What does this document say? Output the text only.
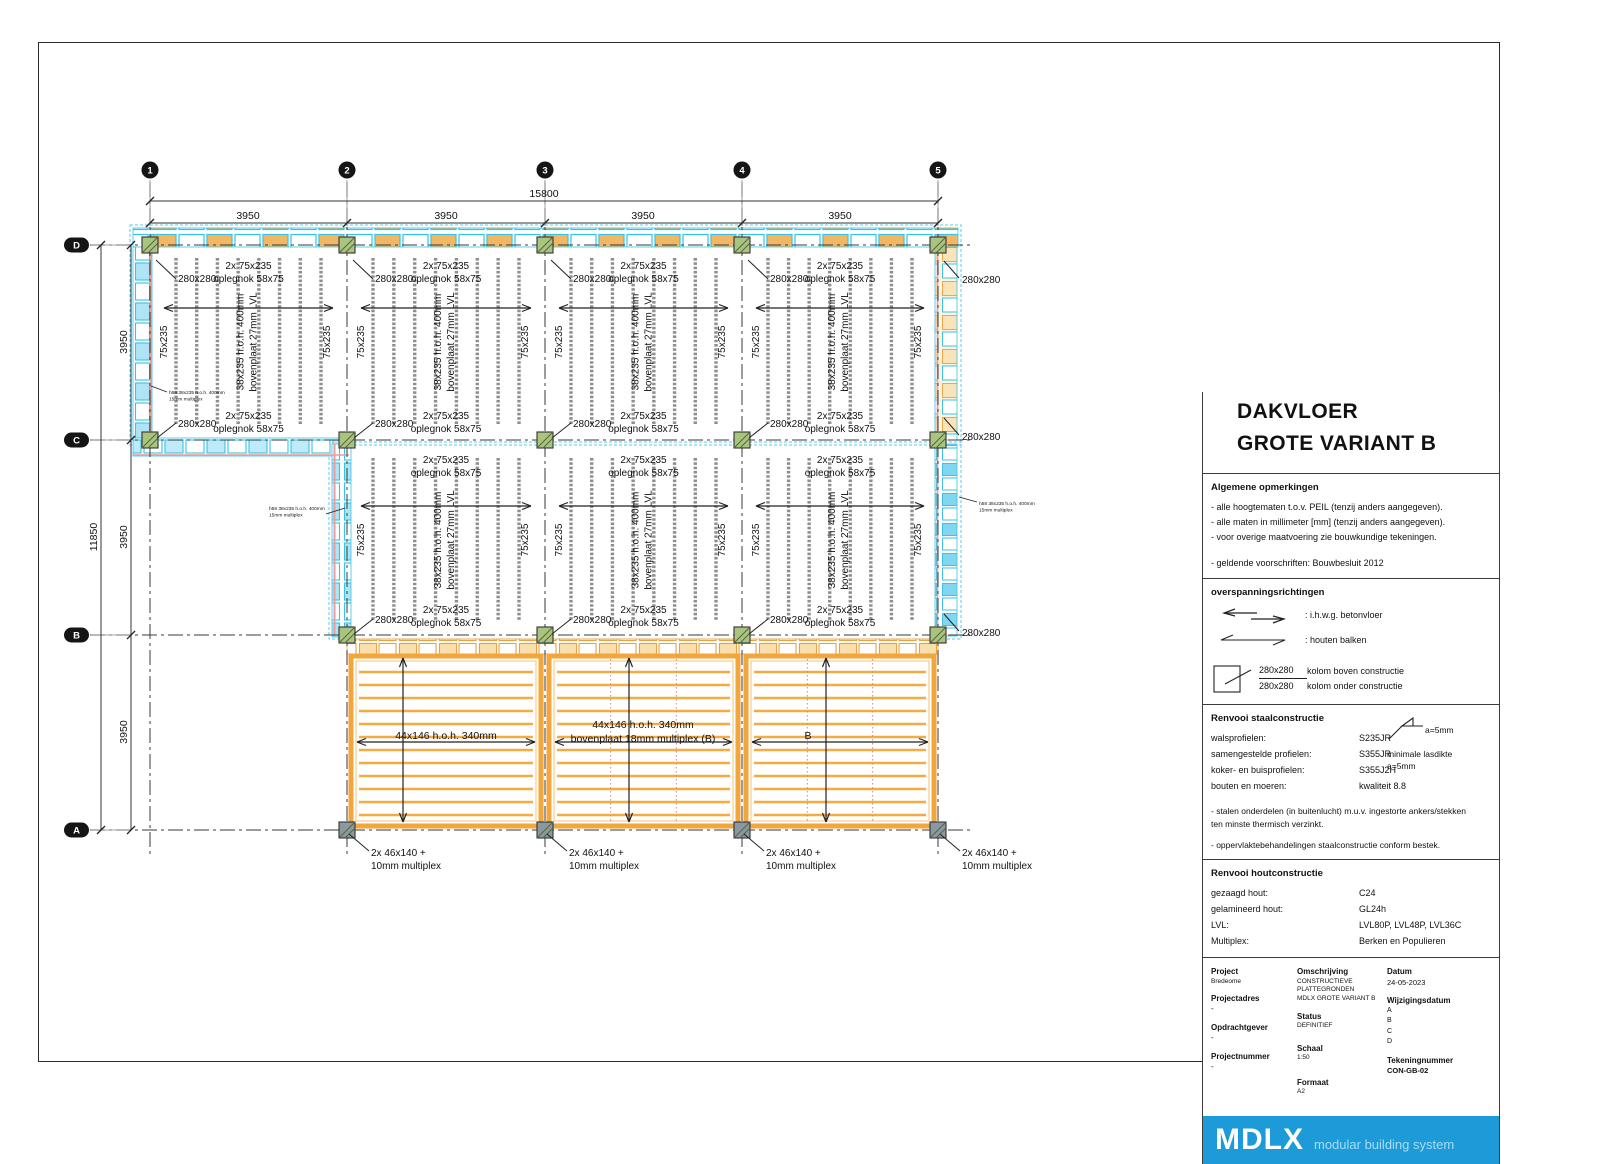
1	2	3	4	5
15800
3950	3950	3950	3950
D
C
B
A
11850
3950
3950
3950
2x 75x235
oplegnok 58x75
2x 75x235
oplegnok 58x75
75x235	75x235
38x235 h.o.h. 400mm bovenplaat 27mm LVL
2x 75x235
oplegnok 58x75
2x 75x235
oplegnok 58x75
75x235	75x235
38x235 h.o.h. 400mm bovenplaat 27mm LVL
2x 75x235
oplegnok 58x75
2x 75x235
oplegnok 58x75
75x235	75x235
38x235 h.o.h. 400mm bovenplaat 27mm LVL
2x 75x235
oplegnok 58x75
2x 75x235
oplegnok 58x75
75x235	75x235
38x235 h.o.h. 400mm bovenplaat 27mm LVL
2x 75x235
oplegnok 58x75
2x 75x235
oplegnok 58x75
75x235	75x235
38x235 h.o.h. 400mm bovenplaat 27mm LVL
2x 75x235
oplegnok 58x75
2x 75x235
oplegnok 58x75
75x235	75x235
38x235 h.o.h. 400mm bovenplaat 27mm LVL
2x 75x235
oplegnok 58x75
2x 75x235
oplegnok 58x75
75x235	75x235
38x235 h.o.h. 400mm bovenplaat 27mm LVL
280x280
280x280
280x280
280x280
280x280
280x280
280x280
280x280
280x280	280x280	280x280
280x280
280x280
280x280
44x146 h.o.h. 340mm
44x146 h.o.h. 340mm
bovenplaat 18mm multiplex (B)	B
2x 46x140 +
10mm multiplex
2x 46x140 +
10mm multiplex
2x 46x140 +
10mm multiplex
2x 46x140 +
10mm multiplex
h58 38x235 h.o.h. 400mm
15mm multiplex
h58 38x235 h.o.h. 400mm
15mm multiplex
h58 38x235 h.o.h. 400mm
15mm multiplex
DAKVLOER
GROTE VARIANT B
Algemene opmerkingen
- alle hoogtematen t.o.v. PEIL (tenzij anders aangegeven).
- alle maten in millimeter [mm] (tenzij anders aangegeven).
- voor overige maatvoering zie bouwkundige tekeningen.
- geldende voorschriften: Bouwbesluit 2012
overspanningsrichtingen
: i.h.w.g. betonvloer
: houten balken
280x280	kolom boven constructie
280x280	kolom onder constructie
Renvooi staalconstructie
walsprofielen:	S235JR
samengestelde profielen:	S355JR
koker- en buisprofielen:	S355J2H
bouten en moeren:	kwaliteit 8.8
a=5mm
minimale lasdikte
a=5mm
- stalen onderdelen (in buitenlucht) m.u.v. ingestorte ankers/stekken
ten minste thermisch verzinkt.
- oppervlaktebehandelingen staalconstructie conform bestek.
Renvooi houtconstructie
gezaagd hout:	C24
gelamineerd hout:	GL24h
LVL:	LVL80P, LVL48P, LVL36C
Multiplex:	Berken en Populieren
Project
Bredeome
Projectadres
-
Opdrachtgever
-
Projectnummer
-
Omschrijving
CONSTRUCTIEVE PLATTEGRONDEN
MDLX GROTE VARIANT B
Status
DEFINITIEF
Schaal
1:50
Formaat
A2
Datum
24-05-2023
Wijzigingsdatum
A
B
C
D
Tekeningnummer
CON-GB-02
MDLX modular building system
